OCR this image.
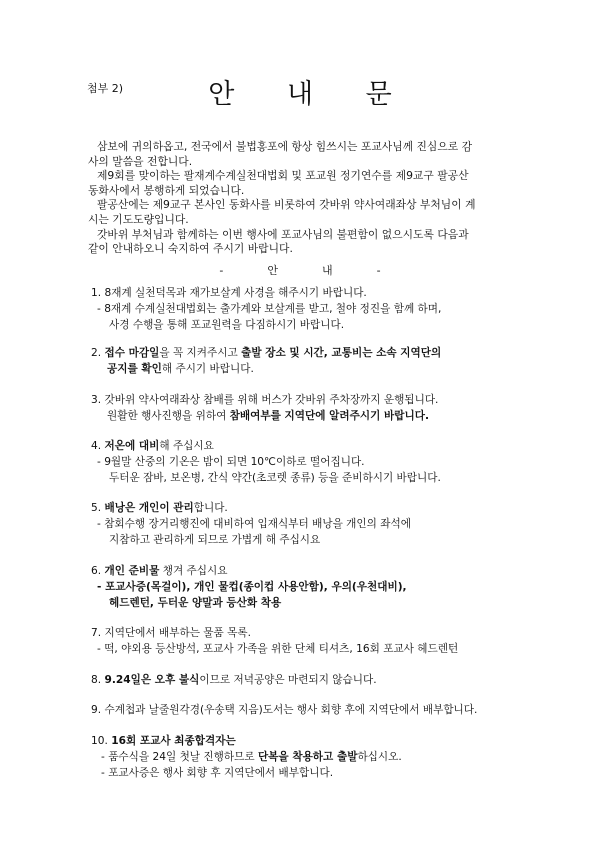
첨부 2)	안 내 문

삼보에 귀의하옵고, 전국에서 불법홍포에 항상 힘쓰시는 포교사님께 진심으로 감

사의 말씀을 전합니다.

제9회를 맞이하는 팔재계수계실천대법회 및 포교원 정기연수를 제9교구 팔공산

동화사에서 봉행하게 되었습니다.

팔공산에는 제9교구 본사인 동화사를 비롯하여 갓바위 약사여래좌상 부처님이 계

시는 기도도량입니다.

갓바위 부처님과 함께하는 이번 행사에 포교사님의 불편함이 없으시도록 다음과

같이 안내하오니 숙지하여 주시기 바랍니다.

-	안	내	-
1. 8재계 실천덕목과 재가보살계 사경을 해주시기 바랍니다.
- 8재계 수계실천대법회는 출가계와 보살계를 받고, 철야 정진을 함께 하며,
사경 수행을 통해 포교원력을 다짐하시기 바랍니다.
2. 접수 마감일을 꼭 지켜주시고 출발 장소 및 시간, 교통비는 소속 지역단의
공지를 확인해 주시기 바랍니다.
3. 갓바위 약사여래좌상 참배를 위해 버스가 갓바위 주차장까지 운행됩니다.
원활한 행사진행을 위하여 참배여부를 지역단에 알려주시기 바랍니다.
4. 저온에 대비해 주십시요
- 9월말 산중의 기온은 밤이 되면 10℃이하로 떨어집니다.
두터운 잠바, 보온병, 간식 약간(초코렛 종류) 등을 준비하시기 바랍니다.
5. 배낭은 개인이 관리합니다.
- 참회수행 장거리행진에 대비하여 입재식부터 배낭을 개인의 좌석에
지참하고 관리하게 되므로 가볍게 해 주십시요
6. 개인 준비물 챙겨 주십시요
- 포교사증(목걸이), 개인 물컵(종이컵 사용안함), 우의(우천대비),
헤드렌턴, 두터운 양말과 등산화 착용
7. 지역단에서 배부하는 물품 목록.
- 떡, 야외용 등산방석, 포교사 가족을 위한 단체 티셔츠, 16회 포교사 헤드렌턴
8. 9.24일은 오후 불식이므로 저녁공양은 마련되지 않습니다.
9. 수계첩과 날줄원각경(우송택 지음)도서는 행사 회향 후에 지역단에서 배부합니다.
10. 16회 포교사 최종합격자는
- 품수식을 24일 첫날 진행하므로 단복을 착용하고 출발하십시오.
- 포교사증은 행사 회향 후 지역단에서 배부합니다.
